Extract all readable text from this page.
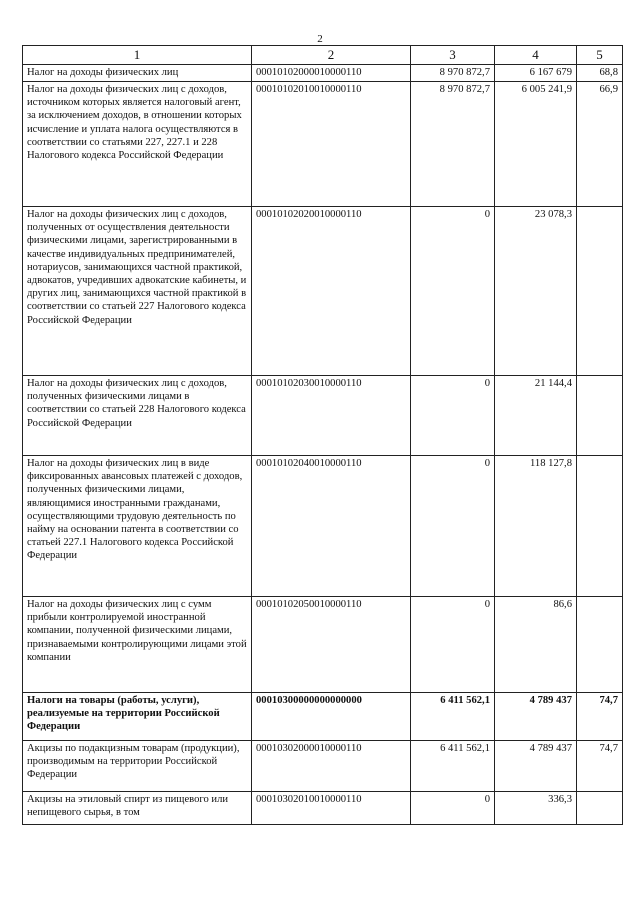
2
1	2	3	4	5
Налог на доходы физических лиц	00010102000010000110	8 970 872,7	6 167 679	68,8
Налог на доходы физических лиц с доходов, источником которых является налоговый агент, за исключением доходов, в отношении которых исчисление и уплата налога осуществляются в соответствии со статьями 227, 227.1 и 228 Налогового кодекса Российской Федерации	00010102010010000110	8 970 872,7	6 005 241,9	66,9
Налог на доходы физических лиц с доходов, полученных от осуществления деятельности физическими лицами, зарегистрированными в качестве индивидуальных предпринимателей, нотариусов, занимающихся частной практикой, адвокатов, учредивших адвокатские кабинеты, и других лиц, занимающихся частной практикой в соответствии со статьей 227 Налогового кодекса Российской Федерации	00010102020010000110	0	23 078,3	
Налог на доходы физических лиц с доходов, полученных физическими лицами в соответствии со статьей 228 Налогового кодекса Российской Федерации	00010102030010000110	0	21 144,4	
Налог на доходы физических лиц в виде фиксированных авансовых платежей с доходов, полученных физическими лицами, являющимися иностранными гражданами, осуществляющими трудовую деятельность по найму на основании патента в соответствии со статьей 227.1 Налогового кодекса Российской Федерации	00010102040010000110	0	118 127,8	
Налог на доходы физических лиц с сумм прибыли контролируемой иностранной компании, полученной физическими лицами, признаваемыми контролирующими лицами этой компании	00010102050010000110	0	86,6	
Налоги на товары (работы, услуги), реализуемые на территории Российской Федерации	00010300000000000000	6 411 562,1	4 789 437	74,7
Акцизы по подакцизным товарам (продукции), производимым на территории Российской Федерации	00010302000010000110	6 411 562,1	4 789 437	74,7
Акцизы на этиловый спирт из пищевого или непищевого сырья, в том	00010302010010000110	0	336,3	
